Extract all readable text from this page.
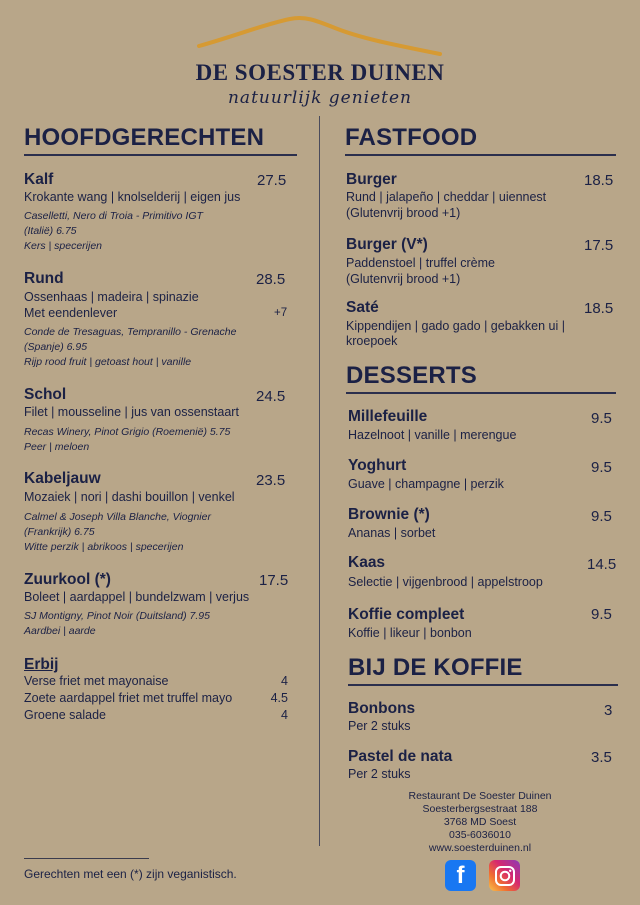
DE SOESTER DUINEN
natuurlijk genieten
HOOFDGERECHTEN
Kalf	27.5
Krokante wang | knolselderij | eigen jus
Caselletti, Nero di Troia - Primitivo IGT
(Italië) 6.75
Kers | specerijen
Rund	28.5
Ossenhaas | madeira | spinazie
Met eendenlever	+7
Conde de Tresaguas, Tempranillo - Grenache
(Spanje) 6.95
Rijp rood fruit | getoast hout | vanille
Schol	24.5
Filet | mousseline | jus van ossenstaart
Recas Winery, Pinot Grigio (Roemenië) 5.75
Peer | meloen
Kabeljauw	23.5
Mozaiek | nori | dashi bouillon | venkel
Calmel & Joseph Villa Blanche, Viognier
(Frankrijk) 6.75
Witte perzik | abrikoos | specerijen
Zuurkool (*)	17.5
Boleet | aardappel | bundelzwam | verjus
SJ Montigny, Pinot Noir (Duitsland) 7.95
Aardbei | aarde
Erbij
Verse friet met mayonaise	4
Zoete aardappel friet met truffel mayo	4.5
Groene salade	4
FASTFOOD
Burger	18.5
Rund | jalapeño | cheddar | uiennest
(Glutenvrij brood +1)
Burger (V*)	17.5
Paddenstoel | truffel crème
(Glutenvrij brood +1)
Saté	18.5
Kippendijen | gado gado | gebakken ui |
kroepoek
DESSERTS
Millefeuille	9.5
Hazelnoot | vanille | merengue
Yoghurt	9.5
Guave | champagne | perzik
Brownie (*)	9.5
Ananas | sorbet
Kaas	14.5
Selectie | vijgenbrood | appelstroop
Koffie compleet	9.5
Koffie | likeur | bonbon
BIJ DE KOFFIE
Bonbons	3
Per 2 stuks
Pastel de nata	3.5
Per 2 stuks
Restaurant De Soester Duinen
Soesterbergsestraat 188
3768 MD Soest
035-6036010
www.soesterduinen.nl
f
Gerechten met een (*) zijn veganistisch.
